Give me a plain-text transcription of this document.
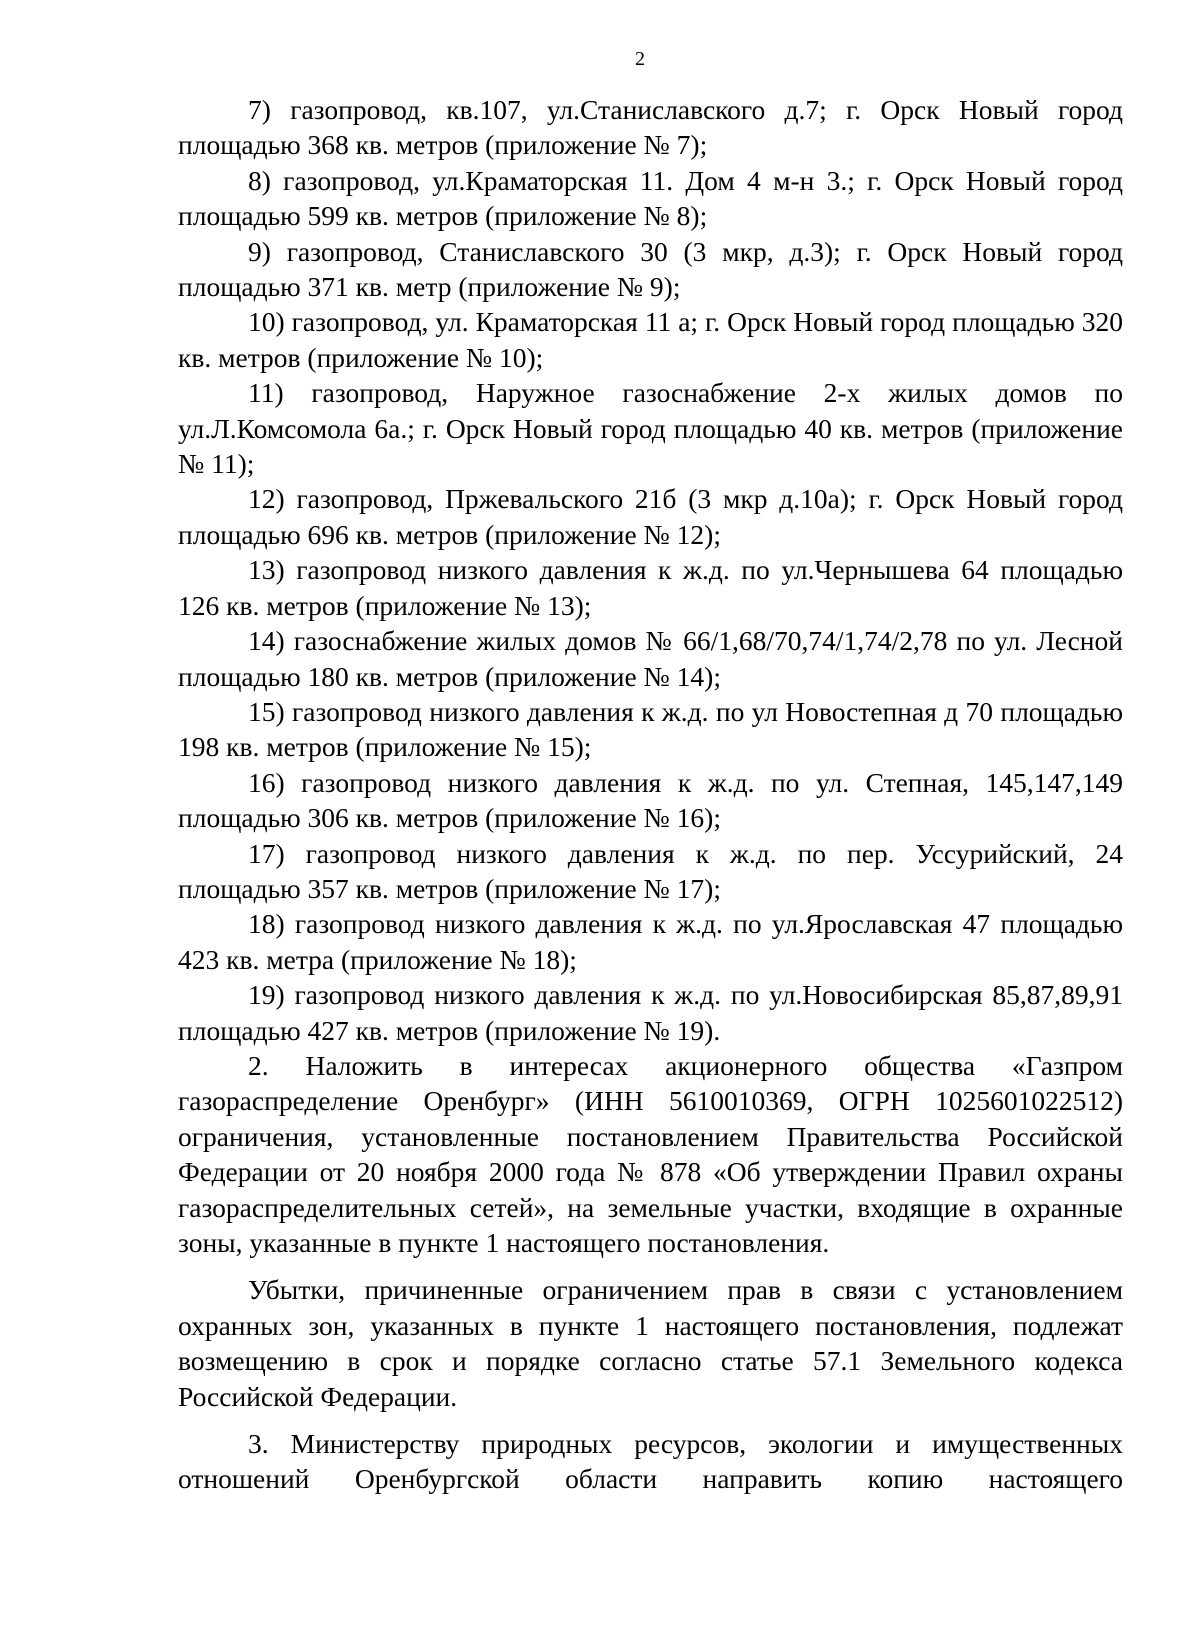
2

7) газопровод, кв.107, ул.Станиславского д.7; г. Орск Новый город площадью 368 кв. метров (приложение № 7);

8) газопровод, ул.Краматорская 11. Дом 4 м-н 3.; г. Орск Новый город площадью 599 кв. метров (приложение № 8);

9) газопровод, Станиславского 30 (3 мкр, д.3); г. Орск Новый город площадью 371 кв. метр (приложение № 9);

10) газопровод, ул. Краматорская 11 а; г. Орск Новый город площадью 320 кв. метров (приложение № 10);

11) газопровод, Наружное газоснабжение 2-х жилых домов по ул.Л.Комсомола 6а.; г. Орск Новый город площадью 40 кв. метров (приложение № 11);

12) газопровод, Пржевальского 21б (3 мкр д.10а); г. Орск Новый город площадью 696 кв. метров (приложение № 12);

13) газопровод низкого давления к ж.д. по ул.Чернышева 64 площадью 126 кв. метров (приложение № 13);

14) газоснабжение жилых домов № 66/1,68/70,74/1,74/2,78 по ул. Лесной площадью 180 кв. метров (приложение № 14);

15) газопровод низкого давления к ж.д. по ул Новостепная д 70 площадью 198 кв. метров (приложение № 15);

16) газопровод низкого давления к ж.д. по ул. Степная, 145,147,149 площадью 306 кв. метров (приложение № 16);

17) газопровод низкого давления к ж.д. по пер. Уссурийский, 24 площадью 357 кв. метров (приложение № 17);

18) газопровод низкого давления к ж.д. по ул.Ярославская 47 площадью 423 кв. метра (приложение № 18);

19) газопровод низкого давления к ж.д. по ул.Новосибирская 85,87,89,91 площадью 427 кв. метров (приложение № 19).

2. Наложить в интересах акционерного общества «Газпром газораспределение Оренбург» (ИНН 5610010369, ОГРН 1025601022512) ограничения, установленные постановлением Правительства Российской Федерации от 20 ноября 2000 года № 878 «Об утверждении Правил охраны газораспределительных сетей», на земельные участки, входящие в охранные зоны, указанные в пункте 1 настоящего постановления.

Убытки, причиненные ограничением прав в связи с установлением охранных зон, указанных в пункте 1 настоящего постановления, подлежат возмещению в срок и порядке согласно статье 57.1 Земельного кодекса Российской Федерации.

3. Министерству природных ресурсов, экологии и имущественных отношений Оренбургской области направить копию настоящего
